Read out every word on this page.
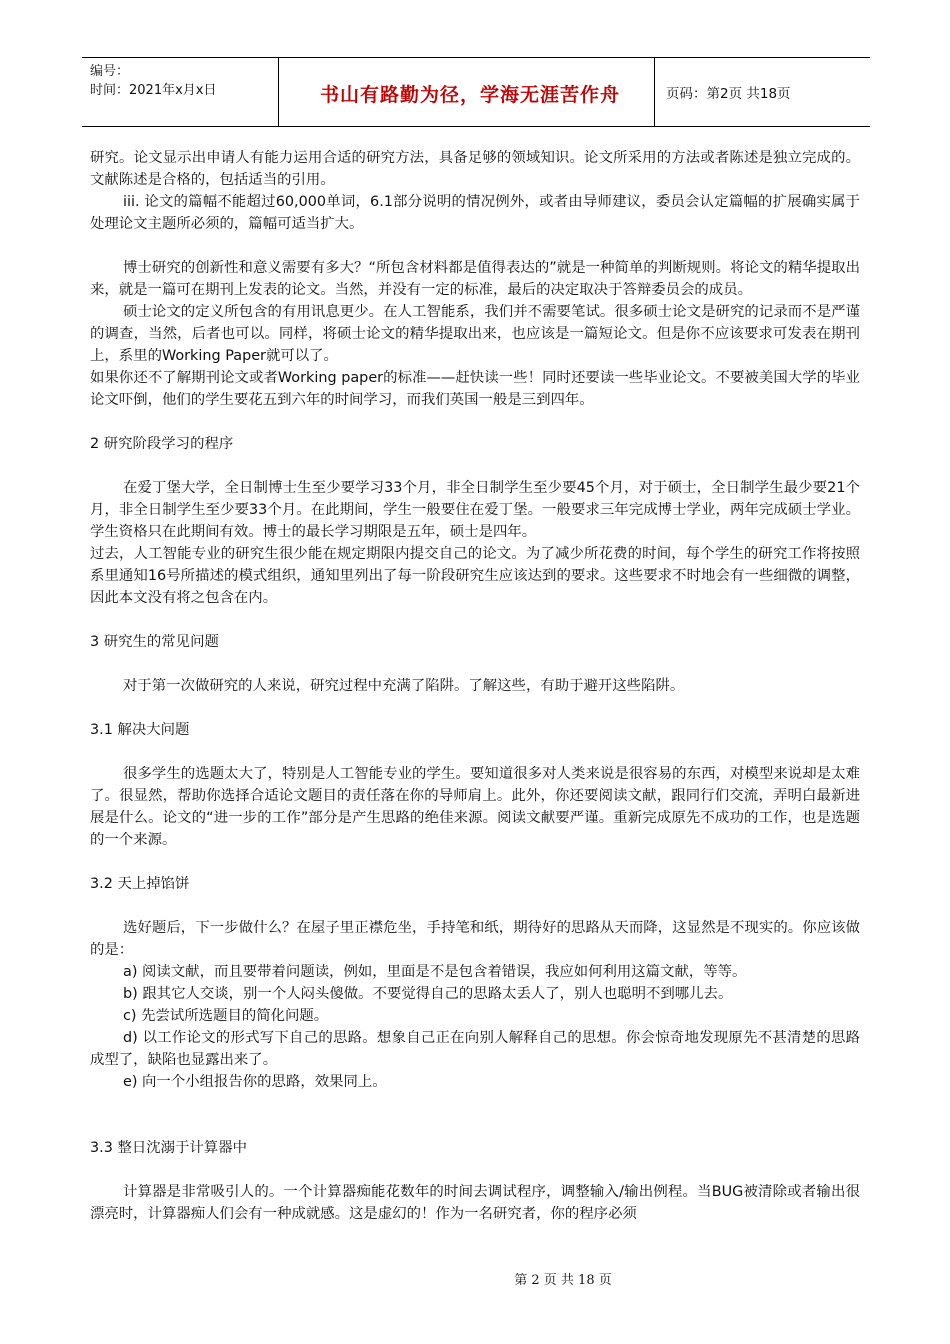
编号：
时间：2021年x月x日	书山有路勤为径，学海无涯苦作舟	页码：第2页 共18页

研究。论文显示出申请人有能力运用合适的研究方法，具备足够的领域知识。论文所采用的方法或者陈述是独立完成的。文献陈述是合格的，包括适当的引用。

iii. 论文的篇幅不能超过60,000单词，6.1部分说明的情况例外，或者由导师建议，委员会认定篇幅的扩展确实属于处理论文主题所必须的，篇幅可适当扩大。

博士研究的创新性和意义需要有多大？“所包含材料都是值得表达的”就是一种简单的判断规则。将论文的精华提取出来，就是一篇可在期刊上发表的论文。当然，并没有一定的标准，最后的决定取决于答辩委员会的成员。

硕士论文的定义所包含的有用讯息更少。在人工智能系，我们并不需要笔试。很多硕士论文是研究的记录而不是严谨的调查，当然，后者也可以。同样，将硕士论文的精华提取出来，也应该是一篇短论文。但是你不应该要求可发表在期刊上，系里的Working Paper就可以了。

如果你还不了解期刊论文或者Working paper的标准——赶快读一些！同时还要读一些毕业论文。不要被美国大学的毕业论文吓倒，他们的学生要花五到六年的时间学习，而我们英国一般是三到四年。

2 研究阶段学习的程序

在爱丁堡大学，全日制博士生至少要学习33个月，非全日制学生至少要45个月，对于硕士，全日制学生最少要21个月，非全日制学生至少要33个月。在此期间，学生一般要住在爱丁堡。一般要求三年完成博士学业，两年完成硕士学业。学生资格只在此期间有效。博士的最长学习期限是五年，硕士是四年。

过去，人工智能专业的研究生很少能在规定期限内提交自己的论文。为了减少所花费的时间，每个学生的研究工作将按照系里通知16号所描述的模式组织，通知里列出了每一阶段研究生应该达到的要求。这些要求不时地会有一些细微的调整，因此本文没有将之包含在内。

3 研究生的常见问题

对于第一次做研究的人来说，研究过程中充满了陷阱。了解这些，有助于避开这些陷阱。

3.1 解决大问题

很多学生的选题太大了，特别是人工智能专业的学生。要知道很多对人类来说是很容易的东西，对模型来说却是太难了。很显然，帮助你选择合适论文题目的责任落在你的导师肩上。此外，你还要阅读文献，跟同行们交流，弄明白最新进展是什么。论文的“进一步的工作”部分是产生思路的绝佳来源。阅读文献要严谨。重新完成原先不成功的工作，也是选题的一个来源。

3.2 天上掉馅饼

选好题后，下一步做什么？在屋子里正襟危坐，手持笔和纸，期待好的思路从天而降，这显然是不现实的。你应该做的是：

a) 阅读文献，而且要带着问题读，例如，里面是不是包含着错误，我应如何利用这篇文献，等等。

b) 跟其它人交谈，别一个人闷头傻做。不要觉得自己的思路太丢人了，别人也聪明不到哪儿去。

c) 先尝试所选题目的简化问题。

d) 以工作论文的形式写下自己的思路。想象自己正在向别人解释自己的思想。你会惊奇地发现原先不甚清楚的思路成型了，缺陷也显露出来了。

e) 向一个小组报告你的思路，效果同上。

3.3 整日沈溺于计算器中

计算器是非常吸引人的。一个计算器痴能花数年的时间去调试程序，调整输入/输出例程。当BUG被清除或者输出很漂亮时，计算器痴人们会有一种成就感。这是虚幻的！作为一名研究者，你的程序必须

第 2 页 共 18 页
